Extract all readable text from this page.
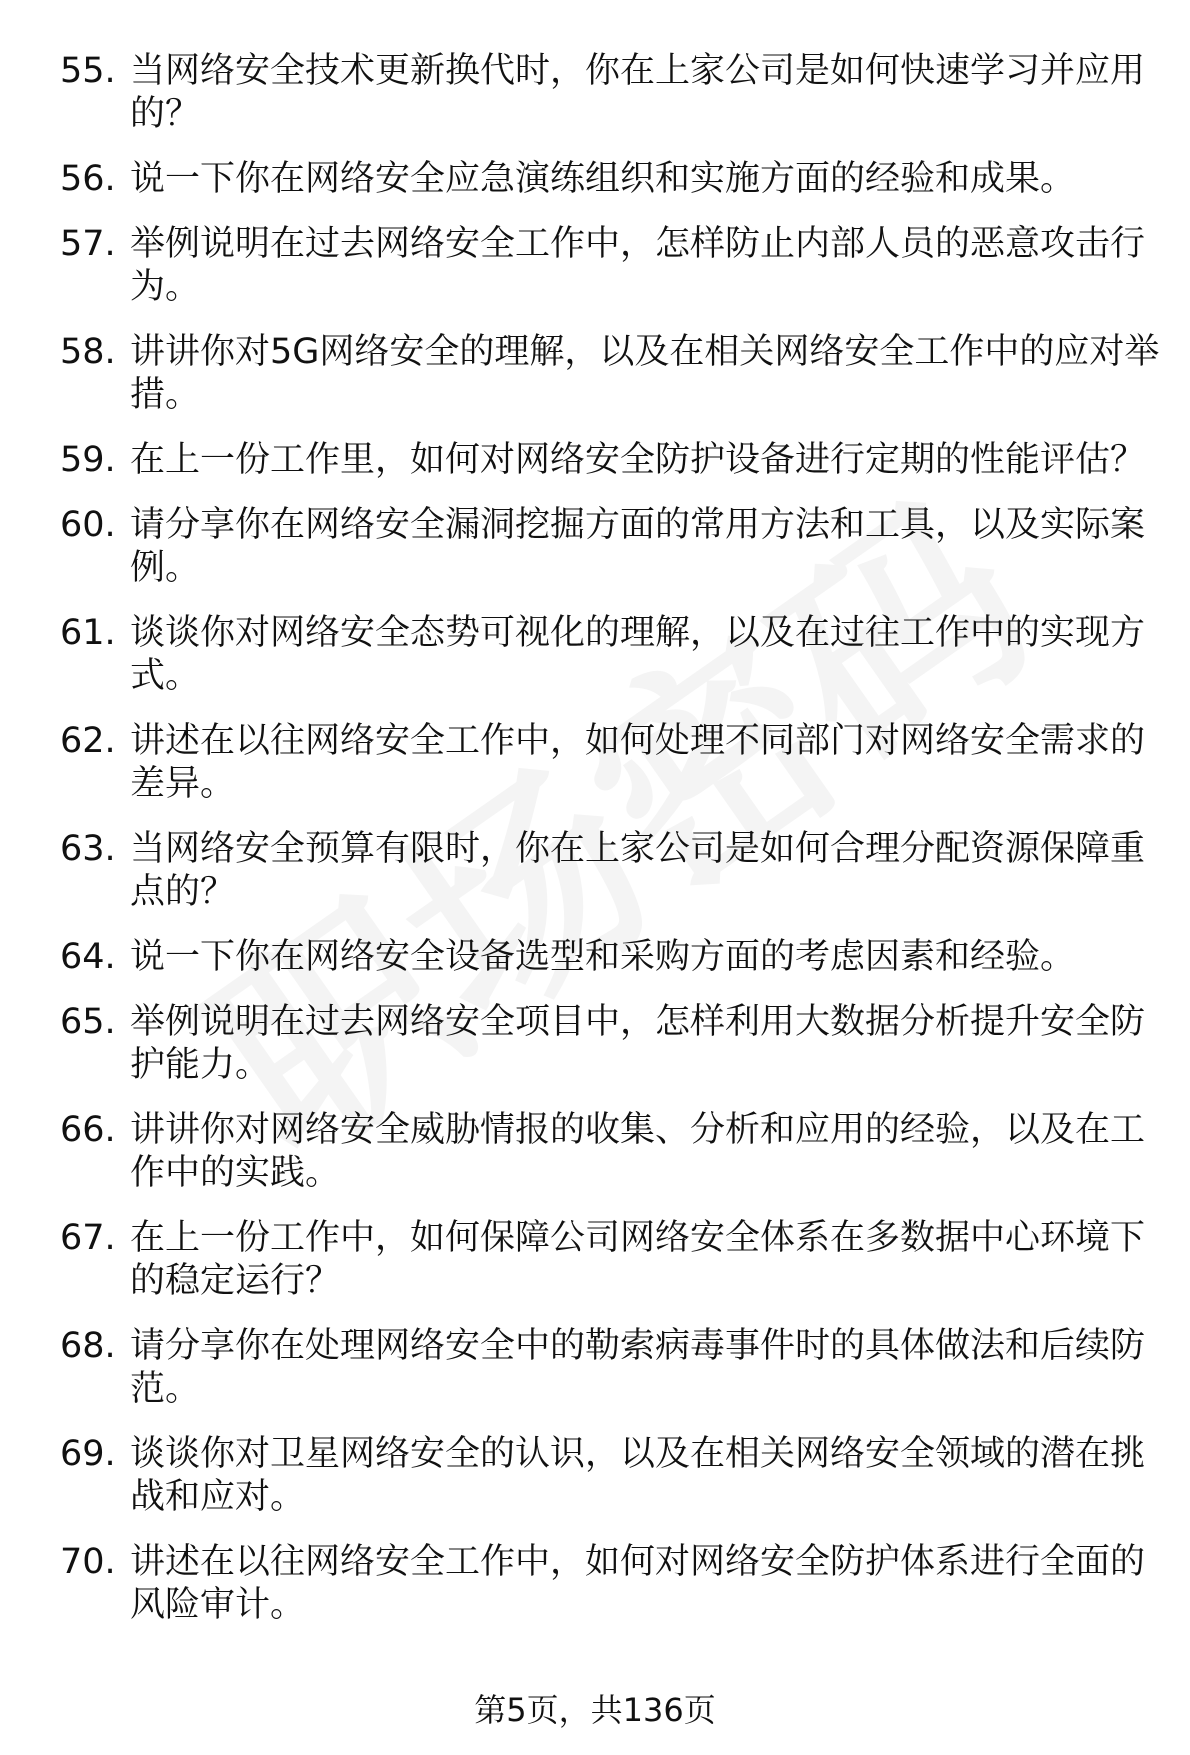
55. 当网络安全技术更新换代时，你在上家公司是如何快速学习并应用的？
56. 说一下你在网络安全应急演练组织和实施方面的经验和成果。
57. 举例说明在过去网络安全工作中，怎样防止内部人员的恶意攻击行为。
58. 讲讲你对5G网络安全的理解，以及在相关网络安全工作中的应对举措。
59. 在上一份工作里，如何对网络安全防护设备进行定期的性能评估？
60. 请分享你在网络安全漏洞挖掘方面的常用方法和工具，以及实际案例。
61. 谈谈你对网络安全态势可视化的理解，以及在过往工作中的实现方式。
62. 讲述在以往网络安全工作中，如何处理不同部门对网络安全需求的差异。
63. 当网络安全预算有限时，你在上家公司是如何合理分配资源保障重点的？
64. 说一下你在网络安全设备选型和采购方面的考虑因素和经验。
65. 举例说明在过去网络安全项目中，怎样利用大数据分析提升安全防护能力。
66. 讲讲你对网络安全威胁情报的收集、分析和应用的经验，以及在工作中的实践。
67. 在上一份工作中，如何保障公司网络安全体系在多数据中心环境下的稳定运行？
68. 请分享你在处理网络安全中的勒索病毒事件时的具体做法和后续防范。
69. 谈谈你对卫星网络安全的认识，以及在相关网络安全领域的潜在挑战和应对。
70. 讲述在以往网络安全工作中，如何对网络安全防护体系进行全面的风险审计。
第5页，共136页
